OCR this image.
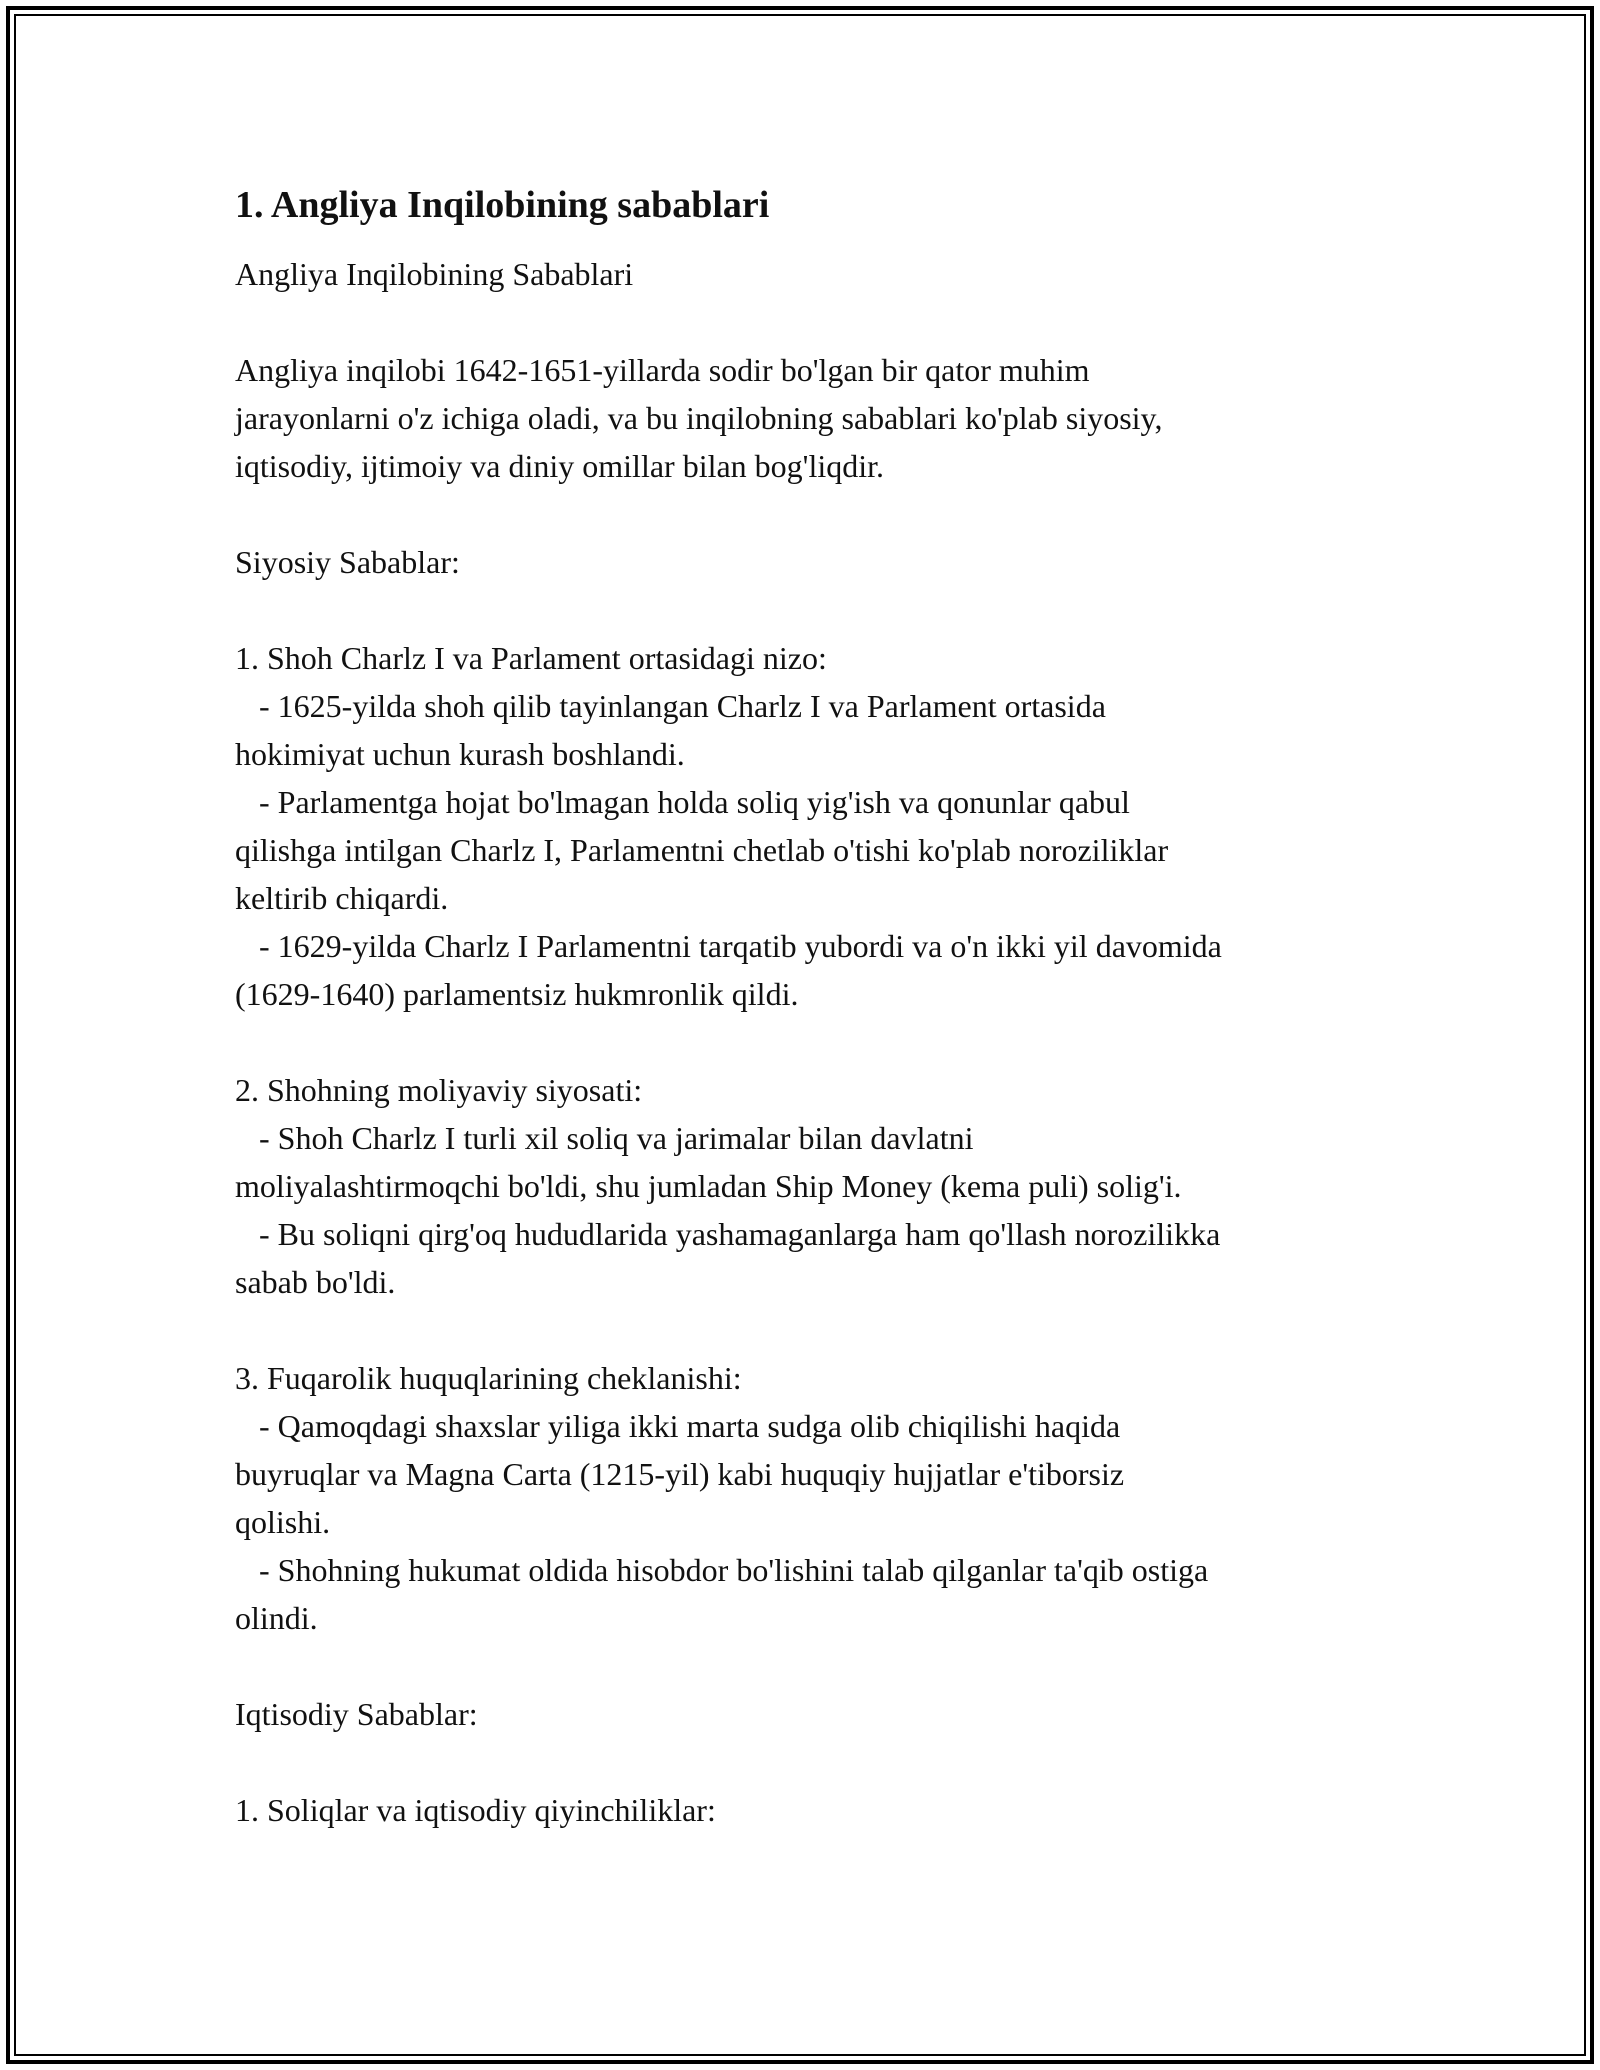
1. Angliya Inqilobining sabablari
Angliya Inqilobining Sabablari
Angliya inqilobi 1642-1651-yillarda sodir bo'lgan bir qator muhim
jarayonlarni o'z ichiga oladi, va bu inqilobning sabablari ko'plab siyosiy,
iqtisodiy, ijtimoiy va diniy omillar bilan bog'liqdir.
Siyosiy Sabablar:
1. Shoh Charlz I va Parlament ortasidagi nizo:
- 1625-yilda shoh qilib tayinlangan Charlz I va Parlament ortasida
hokimiyat uchun kurash boshlandi.
- Parlamentga hojat bo'lmagan holda soliq yig'ish va qonunlar qabul
qilishga intilgan Charlz I, Parlamentni chetlab o'tishi ko'plab noroziliklar
keltirib chiqardi.
- 1629-yilda Charlz I Parlamentni tarqatib yubordi va o'n ikki yil davomida
(1629-1640) parlamentsiz hukmronlik qildi.
2. Shohning moliyaviy siyosati:
- Shoh Charlz I turli xil soliq va jarimalar bilan davlatni
moliyalashtirmoqchi bo'ldi, shu jumladan Ship Money (kema puli) solig'i.
- Bu soliqni qirg'oq hududlarida yashamaganlarga ham qo'llash norozilikka
sabab bo'ldi.
3. Fuqarolik huquqlarining cheklanishi:
- Qamoqdagi shaxslar yiliga ikki marta sudga olib chiqilishi haqida
buyruqlar va Magna Carta (1215-yil) kabi huquqiy hujjatlar e'tiborsiz
qolishi.
- Shohning hukumat oldida hisobdor bo'lishini talab qilganlar ta'qib ostiga
olindi.
Iqtisodiy Sabablar:
1. Soliqlar va iqtisodiy qiyinchiliklar:
